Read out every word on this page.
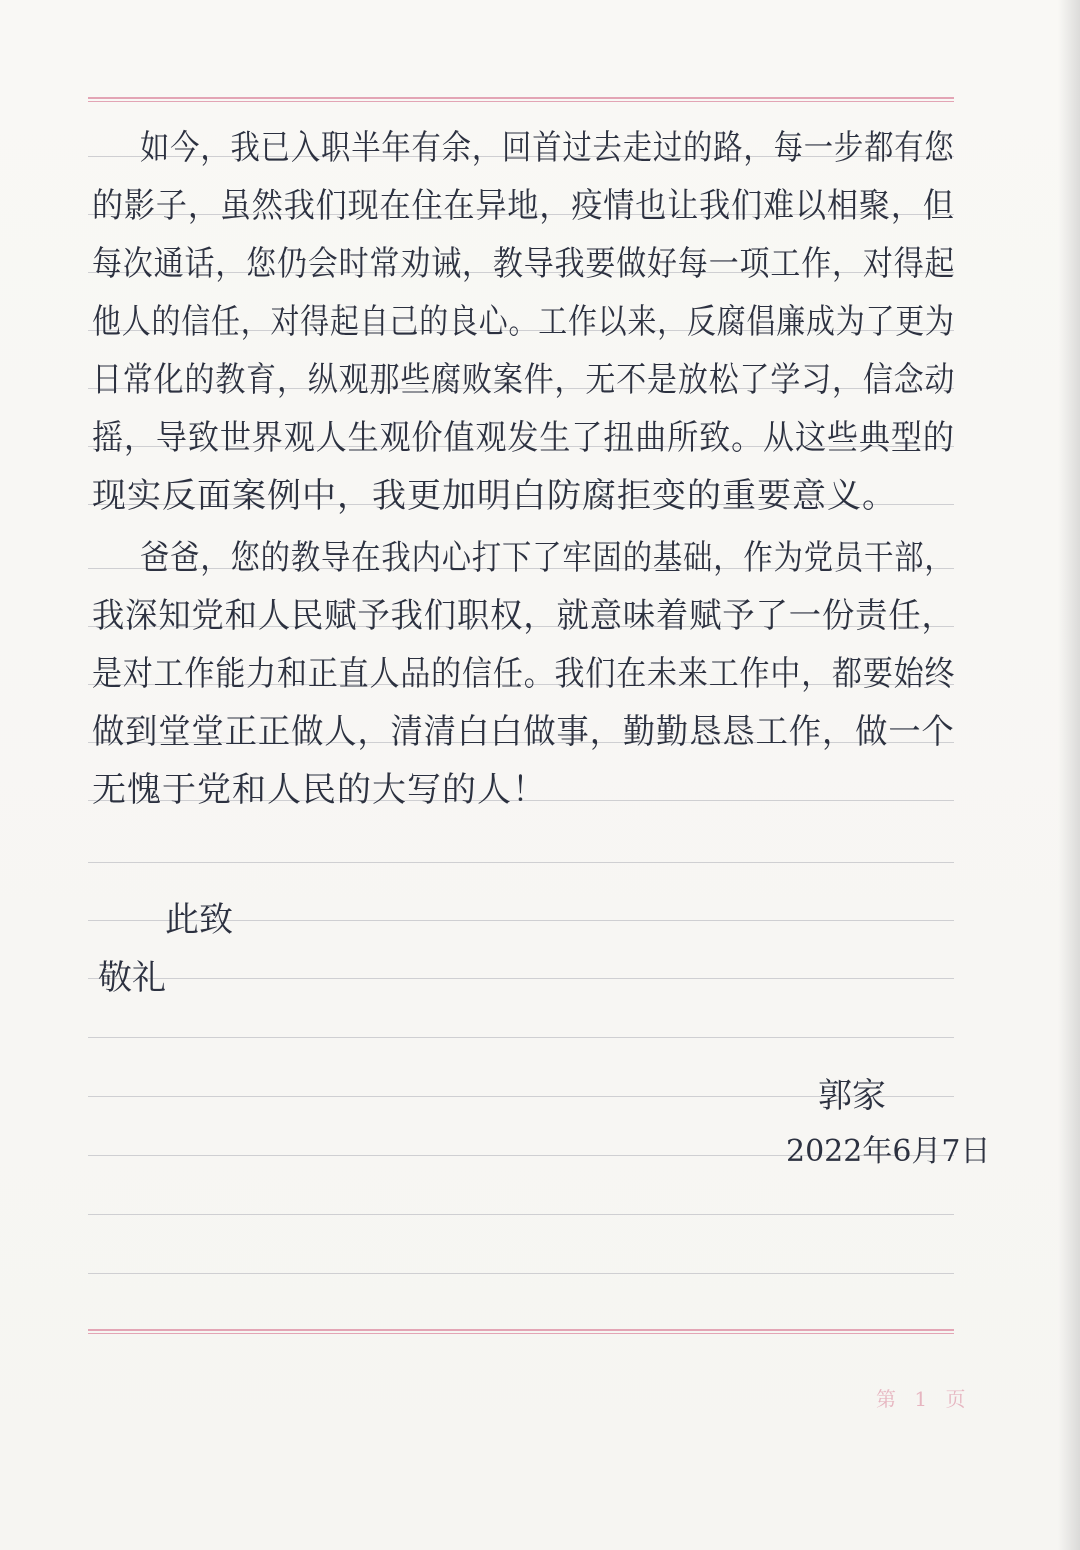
如今，我已入职半年有余，回首过去走过的路，每一步都有您
的影子，虽然我们现在住在异地，疫情也让我们难以相聚，但
每次通话，您仍会时常劝诫，教导我要做好每一项工作，对得起
他人的信任，对得起自己的良心。工作以来，反腐倡廉成为了更为
日常化的教育，纵观那些腐败案件，无不是放松了学习，信念动
摇，导致世界观人生观价值观发生了扭曲所致。从这些典型的
现实反面案例中，我更加明白防腐拒变的重要意义。
爸爸，您的教导在我内心打下了牢固的基础，作为党员干部，
我深知党和人民赋予我们职权，就意味着赋予了一份责任，
是对工作能力和正直人品的信任。我们在未来工作中，都要始终
做到堂堂正正做人，清清白白做事，勤勤恳恳工作，做一个
无愧于党和人民的大写的人！
此致
敬礼
郭家
2022年6月7日
第 1 页
